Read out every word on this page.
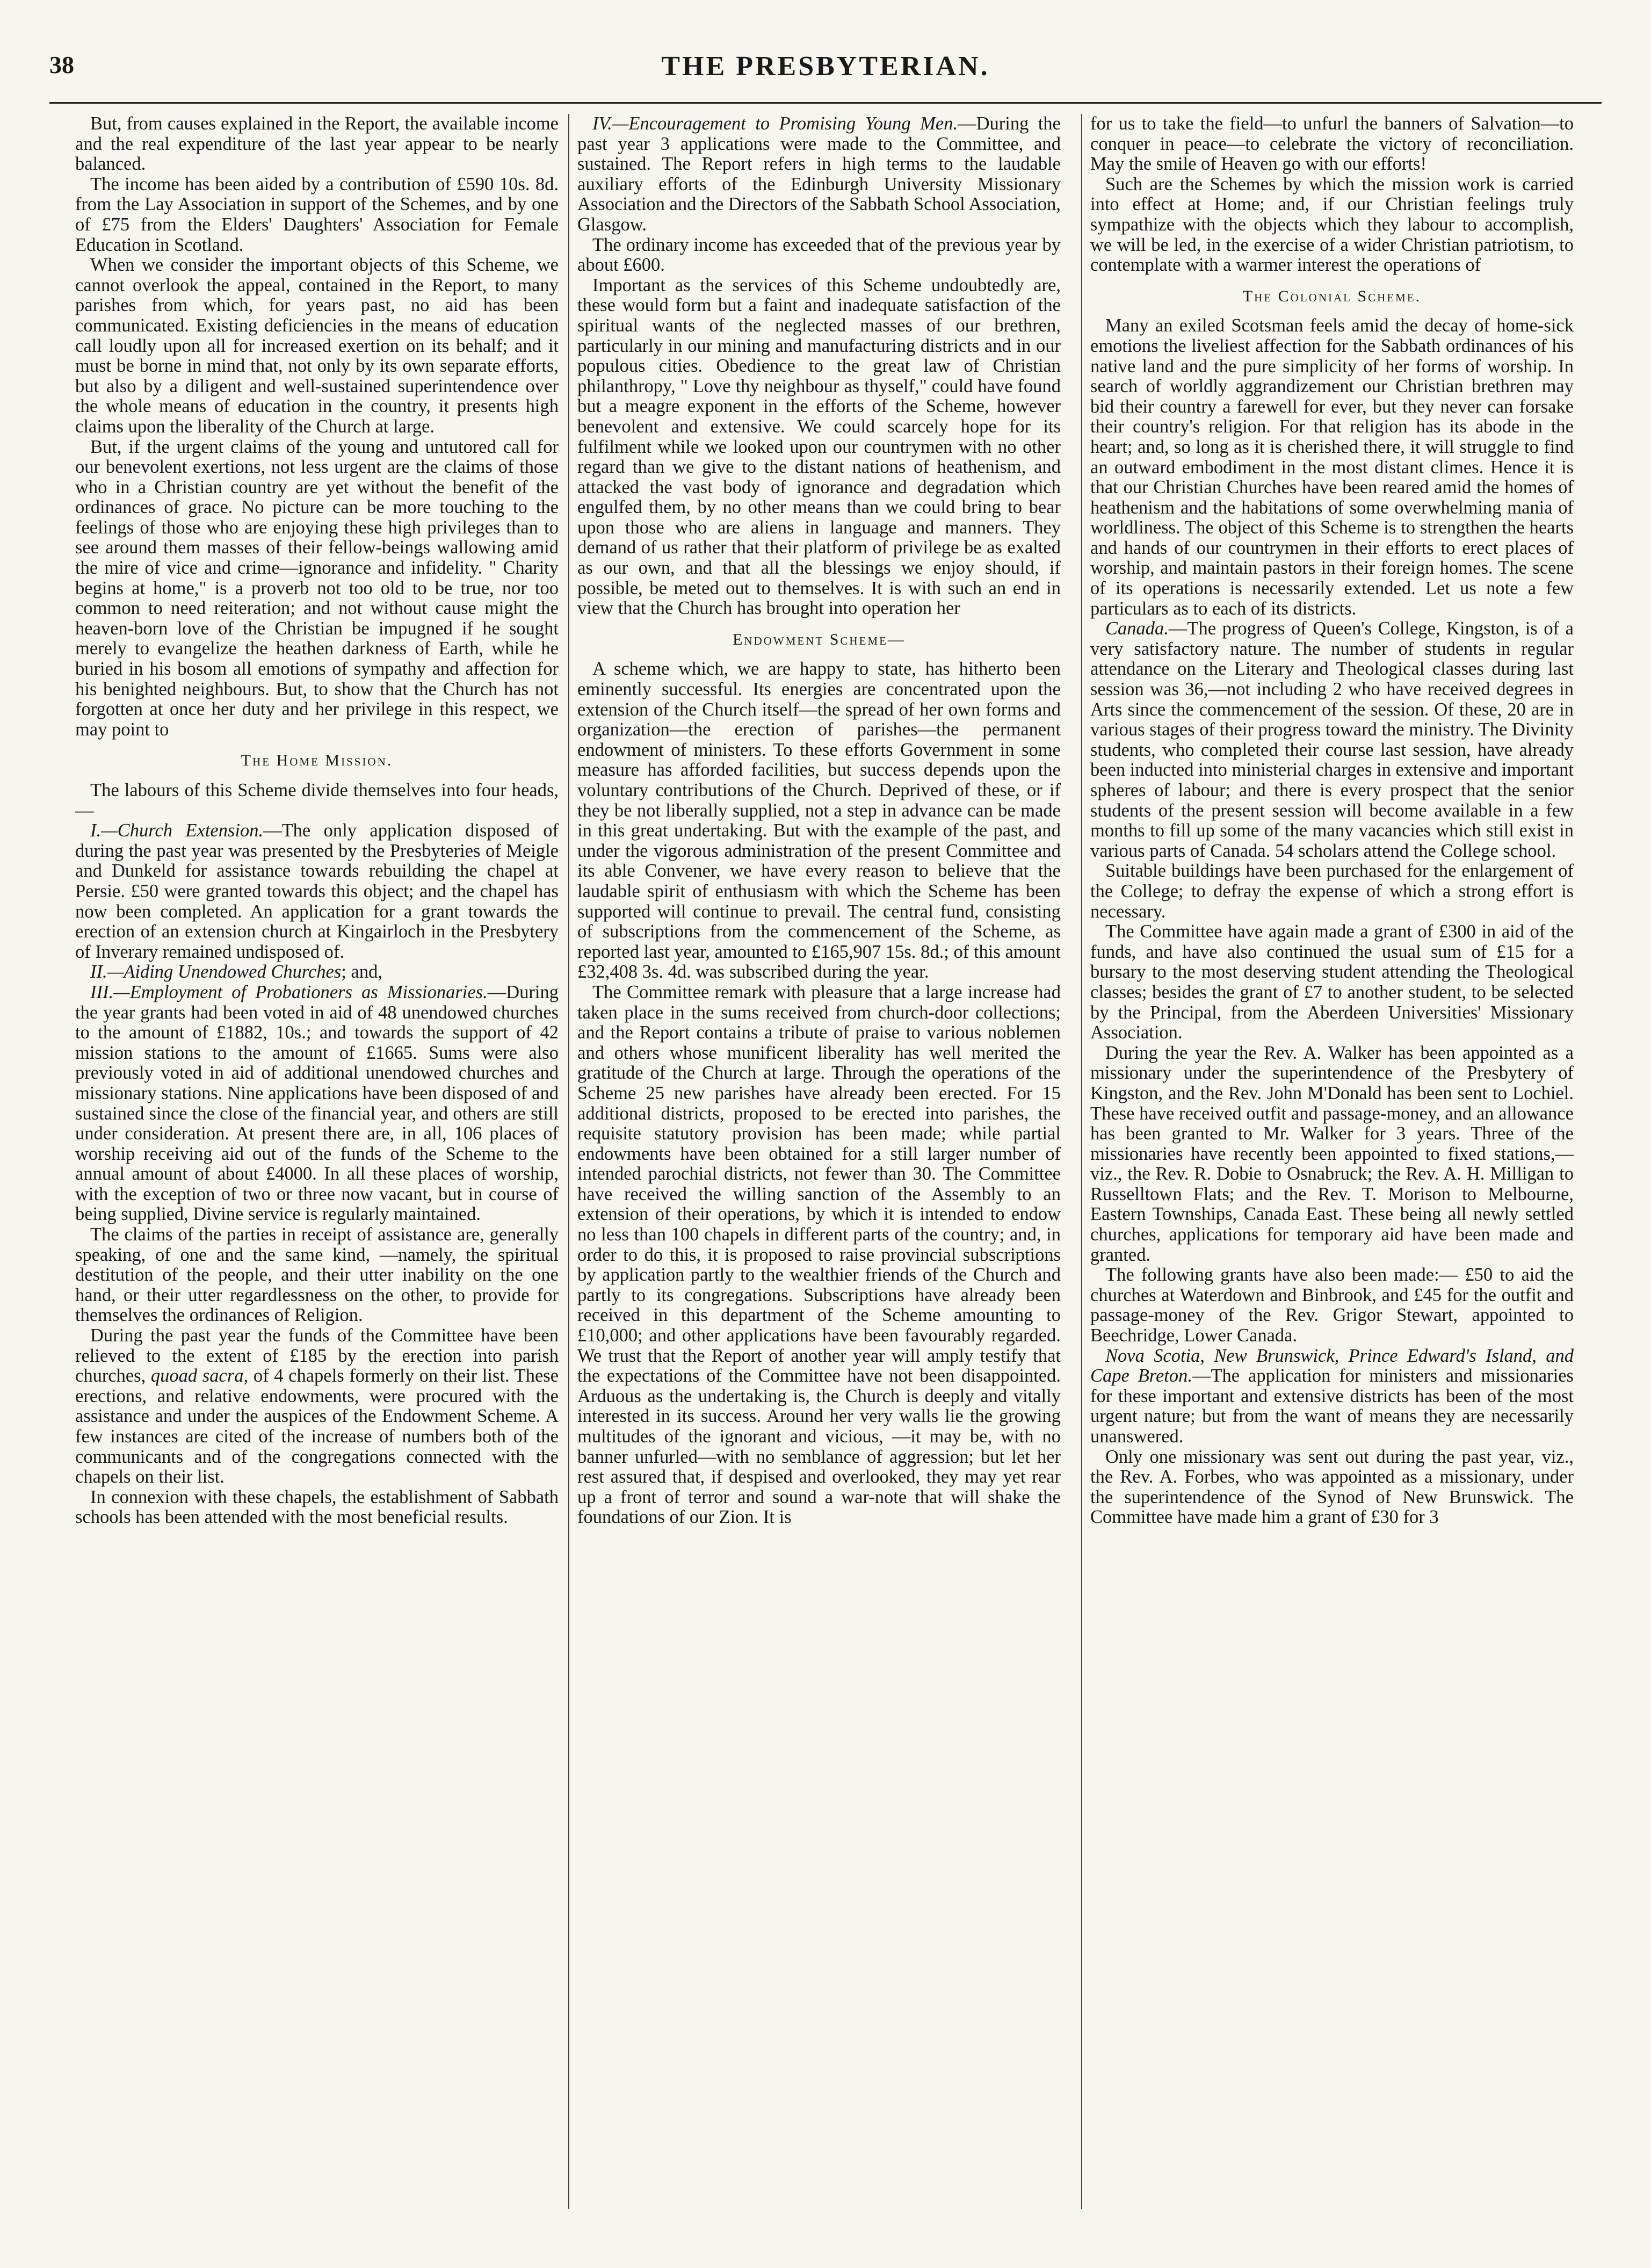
38	THE PRESBYTERIAN.

But, from causes explained in the Report, the available income and the real expenditure of the last year appear to be nearly balanced.

The income has been aided by a contribution of £590 10s. 8d. from the Lay Association in support of the Schemes, and by one of £75 from the Elders' Daughters' Association for Female Education in Scotland.

When we consider the important objects of this Scheme, we cannot overlook the appeal, contained in the Report, to many parishes from which, for years past, no aid has been communicated. Existing deficiencies in the means of education call loudly upon all for increased exertion on its behalf; and it must be borne in mind that, not only by its own separate efforts, but also by a diligent and well-sustained superintendence over the whole means of education in the country, it presents high claims upon the liberality of the Church at large.

But, if the urgent claims of the young and untutored call for our benevolent exertions, not less urgent are the claims of those who in a Christian country are yet without the benefit of the ordinances of grace. No picture can be more touching to the feelings of those who are enjoying these high privileges than to see around them masses of their fellow-beings wallowing amid the mire of vice and crime—ignorance and infidelity. " Charity begins at home," is a proverb not too old to be true, nor too common to need reiteration; and not without cause might the heaven-born love of the Christian be impugned if he sought merely to evangelize the heathen darkness of Earth, while he buried in his bosom all emotions of sympathy and affection for his benighted neighbours. But, to show that the Church has not forgotten at once her duty and her privilege in this respect, we may point to

The Home Mission.

The labours of this Scheme divide themselves into four heads,—

I.—Church Extension.—The only application disposed of during the past year was presented by the Presbyteries of Meigle and Dunkeld for assistance towards rebuilding the chapel at Persie. £50 were granted towards this object; and the chapel has now been completed. An application for a grant towards the erection of an extension church at Kingairloch in the Presbytery of Inverary remained undisposed of.

II.—Aiding Unendowed Churches; and,

III.—Employment of Probationers as Missionaries.—During the year grants had been voted in aid of 48 unendowed churches to the amount of £1882, 10s.; and towards the support of 42 mission stations to the amount of £1665. Sums were also previously voted in aid of additional unendowed churches and missionary stations. Nine applications have been disposed of and sustained since the close of the financial year, and others are still under consideration. At present there are, in all, 106 places of worship receiving aid out of the funds of the Scheme to the annual amount of about £4000. In all these places of worship, with the exception of two or three now vacant, but in course of being supplied, Divine service is regularly maintained.

The claims of the parties in receipt of assistance are, generally speaking, of one and the same kind, —namely, the spiritual destitution of the people, and their utter inability on the one hand, or their utter regardlessness on the other, to provide for themselves the ordinances of Religion.

During the past year the funds of the Committee have been relieved to the extent of £185 by the erection into parish churches, quoad sacra, of 4 chapels formerly on their list. These erections, and relative endowments, were procured with the assistance and under the auspices of the Endowment Scheme. A few instances are cited of the increase of numbers both of the communicants and of the congregations connected with the chapels on their list.

In connexion with these chapels, the establishment of Sabbath schools has been attended with the most beneficial results.

IV.—Encouragement to Promising Young Men.—During the past year 3 applications were made to the Committee, and sustained. The Report refers in high terms to the laudable auxiliary efforts of the Edinburgh University Missionary Association and the Directors of the Sabbath School Association, Glasgow.

The ordinary income has exceeded that of the previous year by about £600.

Important as the services of this Scheme undoubtedly are, these would form but a faint and inadequate satisfaction of the spiritual wants of the neglected masses of our brethren, particularly in our mining and manufacturing districts and in our populous cities. Obedience to the great law of Christian philanthropy, " Love thy neighbour as thyself," could have found but a meagre exponent in the efforts of the Scheme, however benevolent and extensive. We could scarcely hope for its fulfilment while we looked upon our countrymen with no other regard than we give to the distant nations of heathenism, and attacked the vast body of ignorance and degradation which engulfed them, by no other means than we could bring to bear upon those who are aliens in language and manners. They demand of us rather that their platform of privilege be as exalted as our own, and that all the blessings we enjoy should, if possible, be meted out to themselves. It is with such an end in view that the Church has brought into operation her

Endowment Scheme—

A scheme which, we are happy to state, has hitherto been eminently successful. Its energies are concentrated upon the extension of the Church itself—the spread of her own forms and organization—the erection of parishes—the permanent endowment of ministers. To these efforts Government in some measure has afforded facilities, but success depends upon the voluntary contributions of the Church. Deprived of these, or if they be not liberally supplied, not a step in advance can be made in this great undertaking. But with the example of the past, and under the vigorous administration of the present Committee and its able Convener, we have every reason to believe that the laudable spirit of enthusiasm with which the Scheme has been supported will continue to prevail. The central fund, consisting of subscriptions from the commencement of the Scheme, as reported last year, amounted to £165,907 15s. 8d.; of this amount £32,408 3s. 4d. was subscribed during the year.

The Committee remark with pleasure that a large increase had taken place in the sums received from church-door collections; and the Report contains a tribute of praise to various noblemen and others whose munificent liberality has well merited the gratitude of the Church at large. Through the operations of the Scheme 25 new parishes have already been erected. For 15 additional districts, proposed to be erected into parishes, the requisite statutory provision has been made; while partial endowments have been obtained for a still larger number of intended parochial districts, not fewer than 30. The Committee have received the willing sanction of the Assembly to an extension of their operations, by which it is intended to endow no less than 100 chapels in different parts of the country; and, in order to do this, it is proposed to raise provincial subscriptions by application partly to the wealthier friends of the Church and partly to its congregations. Subscriptions have already been received in this department of the Scheme amounting to £10,000; and other applications have been favourably regarded. We trust that the Report of another year will amply testify that the expectations of the Committee have not been disappointed. Arduous as the undertaking is, the Church is deeply and vitally interested in its success. Around her very walls lie the growing multitudes of the ignorant and vicious, —it may be, with no banner unfurled—with no semblance of aggression; but let her rest assured that, if despised and overlooked, they may yet rear up a front of terror and sound a war-note that will shake the foundations of our Zion. It is

for us to take the field—to unfurl the banners of Salvation—to conquer in peace—to celebrate the victory of reconciliation. May the smile of Heaven go with our efforts!

Such are the Schemes by which the mission work is carried into effect at Home; and, if our Christian feelings truly sympathize with the objects which they labour to accomplish, we will be led, in the exercise of a wider Christian patriotism, to contemplate with a warmer interest the operations of

The Colonial Scheme.

Many an exiled Scotsman feels amid the decay of home-sick emotions the liveliest affection for the Sabbath ordinances of his native land and the pure simplicity of her forms of worship. In search of worldly aggrandizement our Christian brethren may bid their country a farewell for ever, but they never can forsake their country's religion. For that religion has its abode in the heart; and, so long as it is cherished there, it will struggle to find an outward embodiment in the most distant climes. Hence it is that our Christian Churches have been reared amid the homes of heathenism and the habitations of some overwhelming mania of worldliness. The object of this Scheme is to strengthen the hearts and hands of our countrymen in their efforts to erect places of worship, and maintain pastors in their foreign homes. The scene of its operations is necessarily extended. Let us note a few particulars as to each of its districts.

Canada.—The progress of Queen's College, Kingston, is of a very satisfactory nature. The number of students in regular attendance on the Literary and Theological classes during last session was 36,—not including 2 who have received degrees in Arts since the commencement of the session. Of these, 20 are in various stages of their progress toward the ministry. The Divinity students, who completed their course last session, have already been inducted into ministerial charges in extensive and important spheres of labour; and there is every prospect that the senior students of the present session will become available in a few months to fill up some of the many vacancies which still exist in various parts of Canada. 54 scholars attend the College school.

Suitable buildings have been purchased for the enlargement of the College; to defray the expense of which a strong effort is necessary.

The Committee have again made a grant of £300 in aid of the funds, and have also continued the usual sum of £15 for a bursary to the most deserving student attending the Theological classes; besides the grant of £7 to another student, to be selected by the Principal, from the Aberdeen Universities' Missionary Association.

During the year the Rev. A. Walker has been appointed as a missionary under the superintendence of the Presbytery of Kingston, and the Rev. John M'Donald has been sent to Lochiel. These have received outfit and passage-money, and an allowance has been granted to Mr. Walker for 3 years. Three of the missionaries have recently been appointed to fixed stations,—viz., the Rev. R. Dobie to Osnabruck; the Rev. A. H. Milligan to Russelltown Flats; and the Rev. T. Morison to Melbourne, Eastern Townships, Canada East. These being all newly settled churches, applications for temporary aid have been made and granted.

The following grants have also been made:— £50 to aid the churches at Waterdown and Binbrook, and £45 for the outfit and passage-money of the Rev. Grigor Stewart, appointed to Beechridge, Lower Canada.

Nova Scotia, New Brunswick, Prince Edward's Island, and Cape Breton.—The application for ministers and missionaries for these important and extensive districts has been of the most urgent nature; but from the want of means they are necessarily unanswered.

Only one missionary was sent out during the past year, viz., the Rev. A. Forbes, who was appointed as a missionary, under the superintendence of the Synod of New Brunswick. The Committee have made him a grant of £30 for 3
